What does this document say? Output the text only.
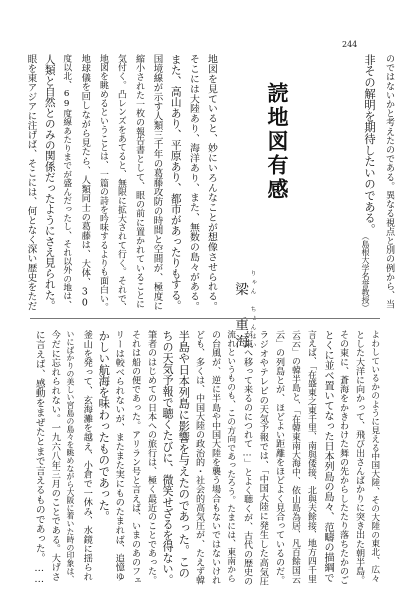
244
のではないかと考えたのである。異なる視点と別の例から、当
非その解明を期待したいのである。
（島根大学名誉教授）
読地図有感
りゃん　ちょんはい
梁　重海
地図を見ていると、妙にいろんなことが想像させられる。
そこには大陸あり、海洋あり、また、無数の島々がある。
また、高山あり、平原あり、都市があったりもする。
国境線が示す人類三千年の葛藤攻防の時間と空間が、極度に
縮小された一枚の報告書として、眼の前に置かれていることに
気付く。凸レンズをあてると、無限に拡大されて行く。それで、
地図を眺めるということは、一篇の詩を吟味するよりも面白い。
地球儀を回しながら見たら、人類同士の葛藤は、大体、30
度以北、69度線あたりまでが盛んだったし、それ以外の地は、
人類と自然とのみの関係だったようにさえ見られた。
眼を東アジアに注げば、そこには、何となく深い歴史をただ
よわしているかのように見える中国大陸、その大陸の東北、広々
とした大洋に向かって、飛び出さんばかりに突き出た朝半島。
その東に、蒼海をかきわけた舞の先からしたたり落ちたかのご
とくに並べ置いてなった日本列島の島々、范疇の描綱で
言えば、「在盛東之東千里、南與倭接、北與夫餘接、地方四千里
云云」の韓半島と、「在韓東南大海中、依山島為居、凡百餘国云
云」の列島とが、ほどよい距離をほどよく見合っているのだ。
ラジオやテレビの天気予報では、「中国大陸に発生した高気圧
が東へ移って来るのにつれて…」とよく聴くが、古代の歴史の
流れというものも、この方向であったろう。たまには、東南から
の台風が、逆に半島や中国大陸を襲う場合もないではないけれ
ども、多くは、中国大陸の政治的・社会的高気圧が、たえず韓
半島や日本列島に影響を与えたのであった。この
ちの天気予報で聴くたびに、微笑せざるを得ない。
筆者のはじめての日本への旅行は、極く最近のことであった。
それは船の便であった。アリラン号と言えば、いまのあのフェ
リーは較べられないが、またまた実にものたまれば、追憶ゆ
かしい航海を味わったものであった。
釜山を発って、玄海灘を越え、小倉で一休み、水鏡に揺られ
いにばかりの美しい宮島の島々を眺めながら大阪に着いた時の印象は、
今だに忘れられない。一九六八年三月のことである。大げさ
に言えば、感動をまぜたとまで言えるものであった。……
